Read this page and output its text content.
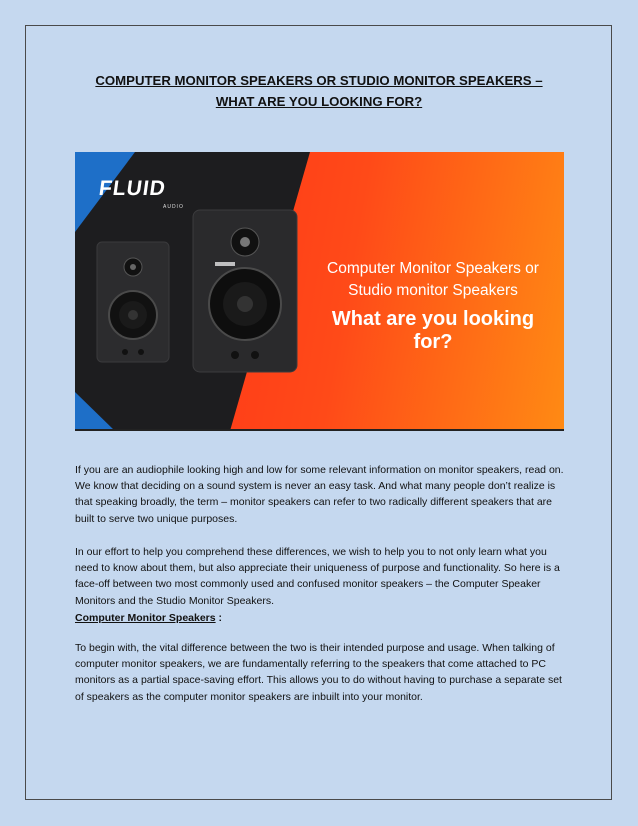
COMPUTER MONITOR SPEAKERS OR STUDIO MONITOR SPEAKERS – WHAT ARE YOU LOOKING FOR?
FLUID
AUDIO
Computer Monitor Speakers or
Studio monitor Speakers
What are you looking for?

If you are an audiophile looking high and low for some relevant information on monitor speakers, read on. We know that deciding on a sound system is never an easy task. And what many people don’t realize is that speaking broadly, the term – monitor speakers can refer to two radically different speakers that are built to serve two unique purposes.

In our effort to help you comprehend these differences, we wish to help you to not only learn what you need to know about them, but also appreciate their uniqueness of purpose and functionality. So here is a face-off between two most commonly used and confused monitor speakers – the Computer Speaker Monitors and the Studio Monitor Speakers.

Computer Monitor Speakers :

To begin with, the vital difference between the two is their intended purpose and usage. When talking of computer monitor speakers, we are fundamentally referring to the speakers that come attached to PC monitors as a partial space-saving effort. This allows you to do without having to purchase a separate set of speakers as the computer monitor speakers are inbuilt into your monitor.
